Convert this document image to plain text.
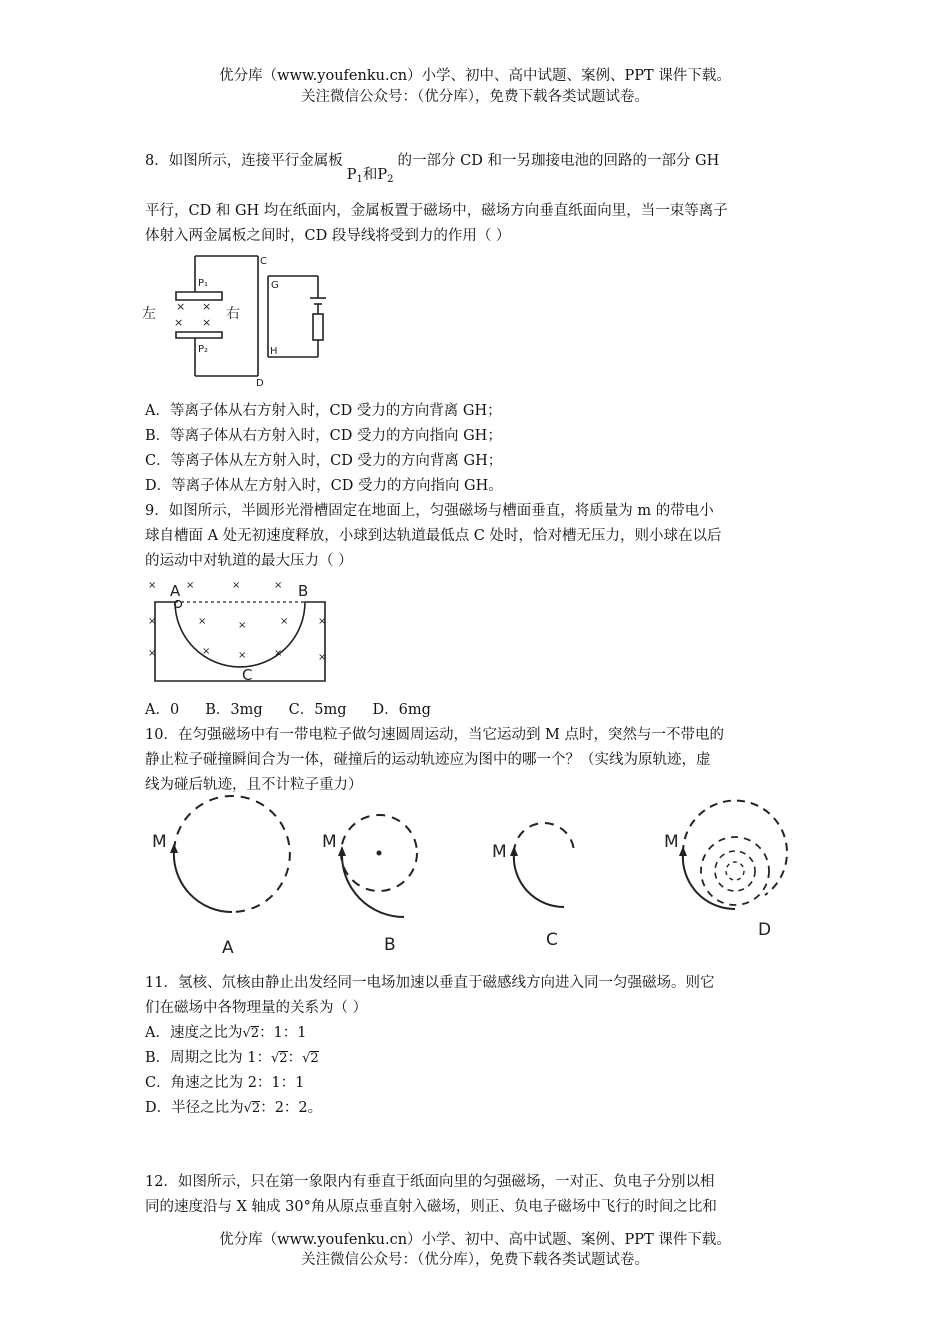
优分库（www.youfenku.cn）小学、初中、高中试题、案例、PPT 课件下载。
关注微信公众号：（优分库），免费下载各类试题试卷。
8．如图所示，连接平行金属板$P_1$和$P_2$的一部分 CD 和一另珈接电池的回路的一部分 GH
平行，CD 和 GH 均在纸面内，金属板置于磁场中，磁场方向垂直纸面向里，当一束等离子
体射入两金属板之间时，CD 段导线将受到力的作用（ ）
× ×
× ×
左	右
P₁
P₂
C
D
G
H
A．等离子体从右方射入时，CD 受力的方向背离 GH；
B．等离子体从右方射入时，CD 受力的方向指向 GH；
C．等离子体从左方射入时，CD 受力的方向背离 GH；
D．等离子体从左方射入时，CD 受力的方向指向 GH。
9．如图所示，半圆形光滑槽固定在地面上，匀强磁场与槽面垂直，将质量为 m 的带电小
球自槽面 A 处无初速度释放，小球到达轨道最低点 C 处时，恰对槽无压力，则小球在以后
的运动中对轨道的最大压力（ ）
×	×	×	×
×	×	×	×	×
×	×	×	×	×
A	B
C
A．0 B．3mg C．5mg D．6mg
10．在匀强磁场中有一带电粒子做匀速圆周运动，当它运动到 M 点时，突然与一不带电的
静止粒子碰撞瞬间合为一体，碰撞后的运动轨迹应为图中的哪一个？（实线为原轨迹，虚
线为碰后轨迹，且不计粒子重力）
M	M	M	M
A	B	C	D
11．氢核、氘核由静止出发经同一电场加速以垂直于磁感线方向进入同一匀强磁场。则它
们在磁场中各物理量的关系为（ ）
A．速度之比为√2：1：1
B．周期之比为 1：√2：√2
C．角速之比为 2：1：1
D．半径之比为√2：2：2。
12．如图所示，只在第一象限内有垂直于纸面向里的匀强磁场，一对正、负电子分别以相
同的速度沿与 X 轴成 30°角从原点垂直射入磁场，则正、负电子磁场中飞行的时间之比和
优分库（www.youfenku.cn）小学、初中、高中试题、案例、PPT 课件下载。
关注微信公众号：（优分库），免费下载各类试题试卷。
